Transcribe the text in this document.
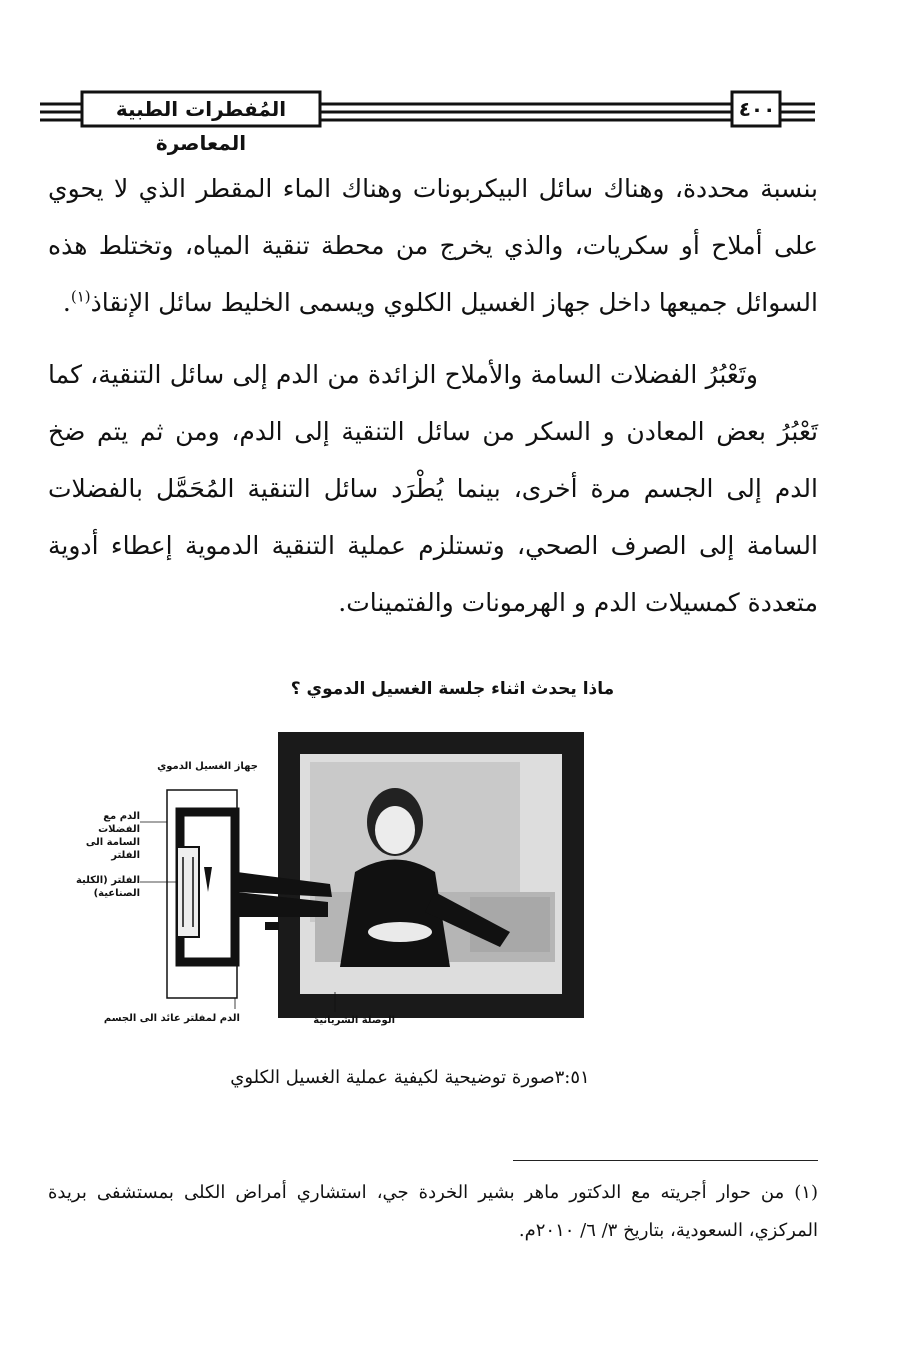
المُفطرات الطبية المعاصرة
٤٠٠
بنسبة محددة، وهناك سائل البيكربونات وهناك الماء المقطر الذي لا يحوي على أملاح أو سكريات، والذي يخرج من محطة تنقية المياه، وتختلط هذه السوائل جميعها داخل جهاز الغسيل الكلوي ويسمى الخليط سائل الإنقاذ$^{(١)}$.
وتَعْبُرُ الفضلات السامة والأملاح الزائدة من الدم إلى سائل التنقية، كما تَعْبُرُ بعض المعادن و السكر من سائل التنقية إلى الدم، ومن ثم يتم ضخ الدم إلى الجسم مرة أخرى، بينما يُطْرَد سائل التنقية المُحَمَّل بالفضلات السامة إلى الصرف الصحي، وتستلزم عملية التنقية الدموية إعطاء أدوية متعددة كمسيلات الدم و الهرمونات والفتمينات.
ماذا يحدث اثناء جلسة الغسيل الدموي ؟
جهاز الغسيل الدموي
الدم مع الفضلات السامة الى الفلتر
الفلتر (الكلية الصناعية)
الدم لمفلتر عائد الى الجسم	الوصلة الشريانية
٣:٥١صورة توضيحية لكيفية عملية الغسيل الكلوي
(١) من حوار أجريته مع الدكتور ماهر بشير الخردة جي، استشاري أمراض الكلى بمستشفى بريدة المركزي، السعودية، بتاريخ ٣/ ٦/ ٢٠١٠م.
